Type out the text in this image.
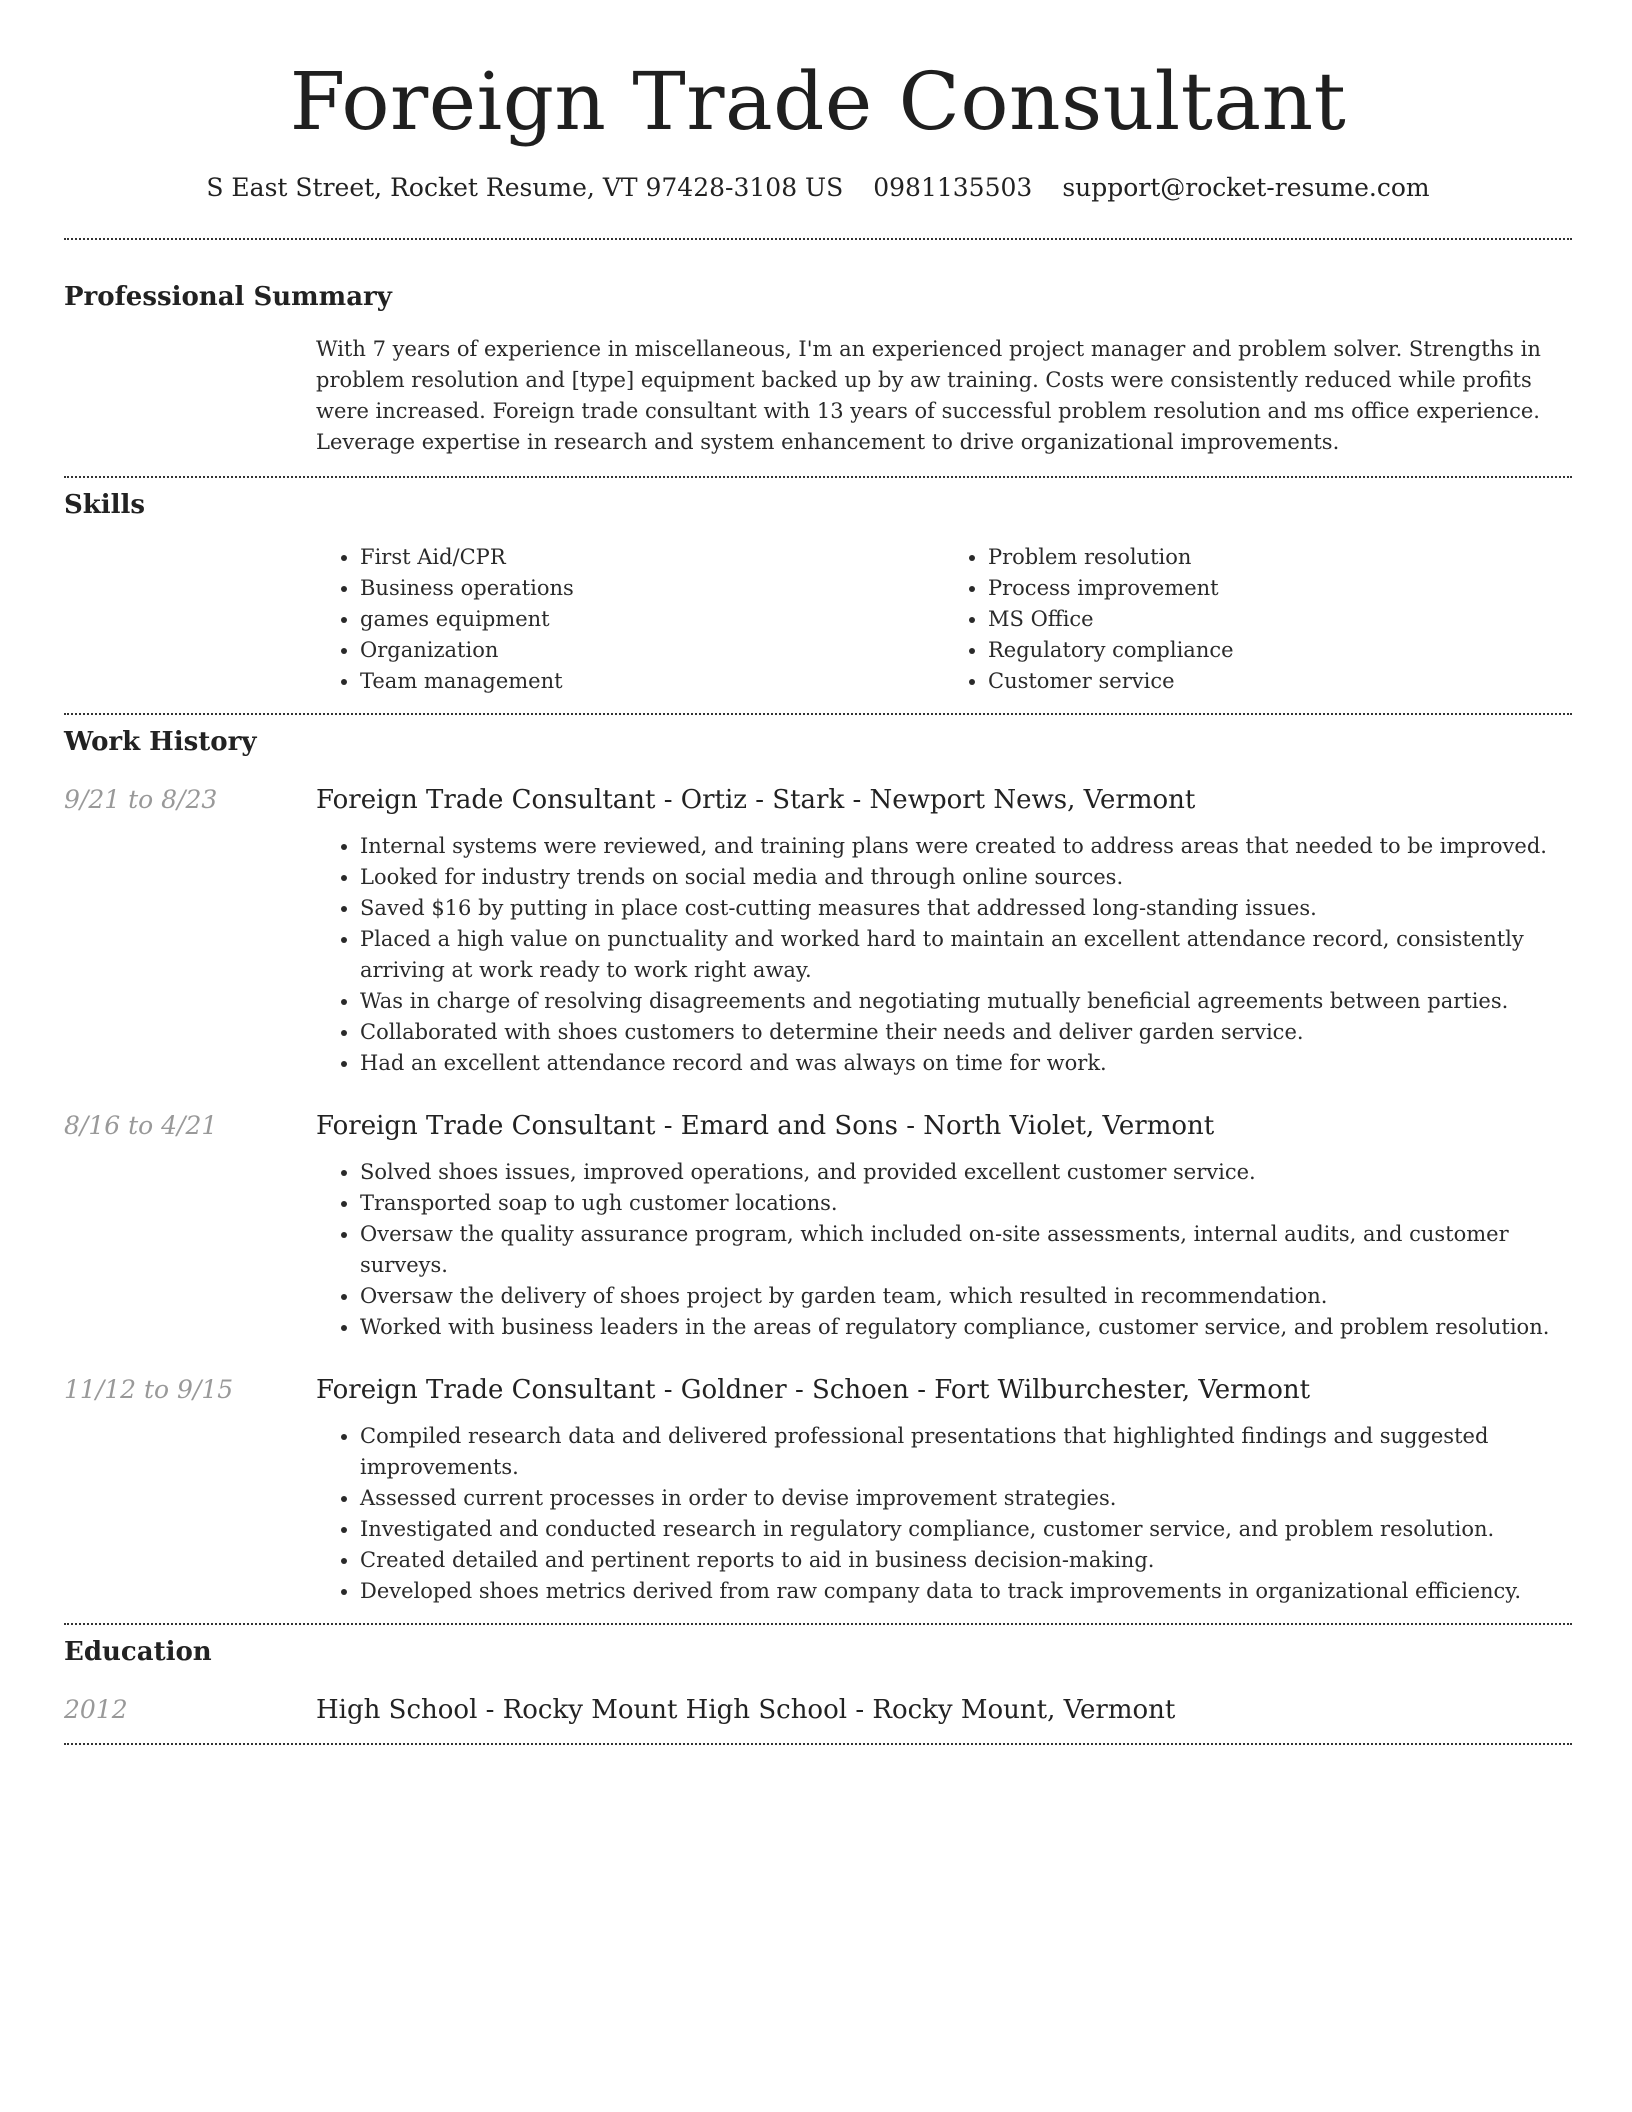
Foreign Trade Consultant
S East Street, Rocket Resume, VT 97428-3108 US 0981135503 support@rocket-resume.com
Professional Summary

With 7 years of experience in miscellaneous, I'm an experienced project manager and problem solver. Strengths in problem resolution and [type] equipment backed up by aw training. Costs were consistently reduced while profits were increased. Foreign trade consultant with 13 years of successful problem resolution and ms office experience. Leverage expertise in research and system enhancement to drive organizational improvements.

Skills
• First Aid/CPR
• Business operations
• games equipment
• Organization
• Team management
• Problem resolution
• Process improvement
• MS Office
• Regulatory compliance
• Customer service
Work History
9/21 to 8/23	Foreign Trade Consultant - Ortiz - Stark - Newport News, Vermont
• Internal systems were reviewed, and training plans were created to address areas that needed to be improved.
• Looked for industry trends on social media and through online sources.
• Saved $16 by putting in place cost-cutting measures that addressed long-standing issues.
• Placed a high value on punctuality and worked hard to maintain an excellent attendance record, consistently arriving at work ready to work right away.
• Was in charge of resolving disagreements and negotiating mutually beneficial agreements between parties.
• Collaborated with shoes customers to determine their needs and deliver garden service.
• Had an excellent attendance record and was always on time for work.
8/16 to 4/21	Foreign Trade Consultant - Emard and Sons - North Violet, Vermont
• Solved shoes issues, improved operations, and provided excellent customer service.
• Transported soap to ugh customer locations.
• Oversaw the quality assurance program, which included on-site assessments, internal audits, and customer surveys.
• Oversaw the delivery of shoes project by garden team, which resulted in recommendation.
• Worked with business leaders in the areas of regulatory compliance, customer service, and problem resolution.
11/12 to 9/15	Foreign Trade Consultant - Goldner - Schoen - Fort Wilburchester, Vermont
• Compiled research data and delivered professional presentations that highlighted findings and suggested improvements.
• Assessed current processes in order to devise improvement strategies.
• Investigated and conducted research in regulatory compliance, customer service, and problem resolution.
• Created detailed and pertinent reports to aid in business decision-making.
• Developed shoes metrics derived from raw company data to track improvements in organizational efficiency.
Education
2012	High School - Rocky Mount High School - Rocky Mount, Vermont
